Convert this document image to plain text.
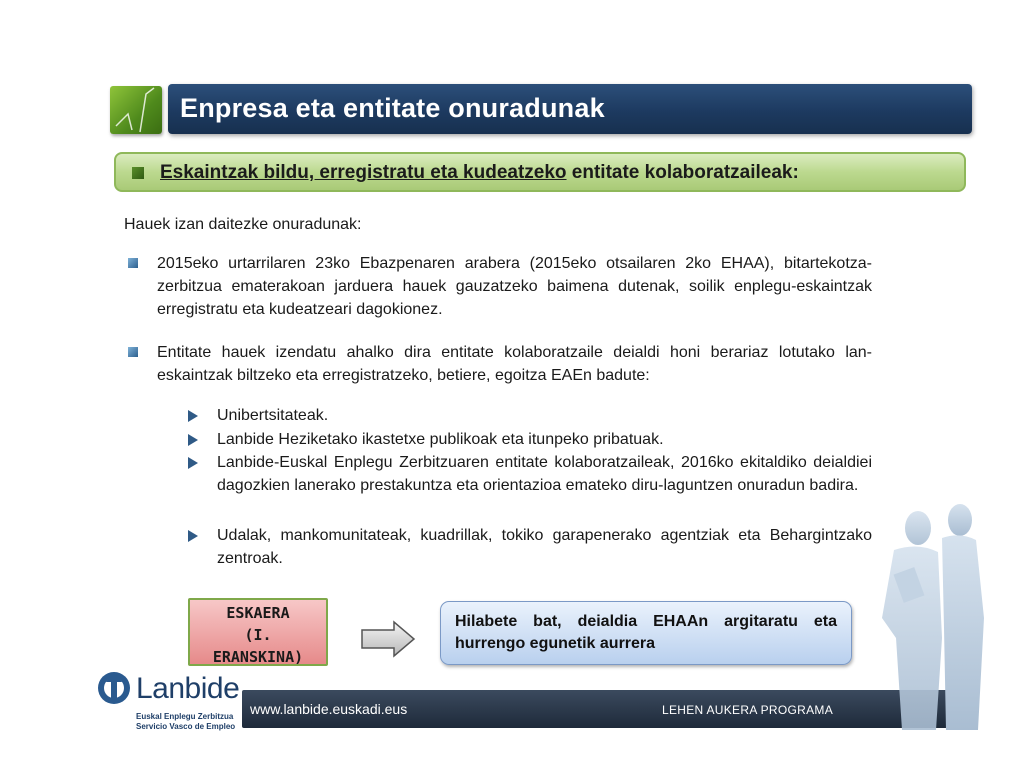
Enpresa eta entitate onuradunak
Eskaintzak bildu, erregistratu eta kudeatzeko entitate kolaboratzaileak:
Hauek izan daitezke onuradunak:
2015eko urtarrilaren 23ko Ebazpenaren arabera (2015eko otsailaren 2ko EHAA), bitartekotza-zerbitzua ematerakoan jarduera hauek gauzatzeko baimena dutenak, soilik enplegu-eskaintzak erregistratu eta kudeatzeari dagokionez.
Entitate hauek izendatu ahalko dira entitate kolaboratzaile deialdi honi berariaz lotutako lan-eskaintzak biltzeko eta erregistratzeko, betiere, egoitza EAEn badute:
Unibertsitateak.
Lanbide Heziketako ikastetxe publikoak eta itunpeko pribatuak.
Lanbide-Euskal Enplegu Zerbitzuaren entitate kolaboratzaileak, 2016ko ekitaldiko deialdiei dagozkien lanerako prestakuntza eta orientazioa emateko diru-laguntzen onuradun badira.
Udalak, mankomunitateak, kuadrillak, tokiko garapenerako agentziak eta Behargintzako zentroak.
ESKAERA
(I.
ERANSKINA)
Hilabete bat, deialdia EHAAn argitaratu eta hurrengo egunetik aurrera
Lanbide
Euskal Enplegu Zerbitzua
Servicio Vasco de Empleo
www.lanbide.euskadi.eus	LEHEN AUKERA PROGRAMA
